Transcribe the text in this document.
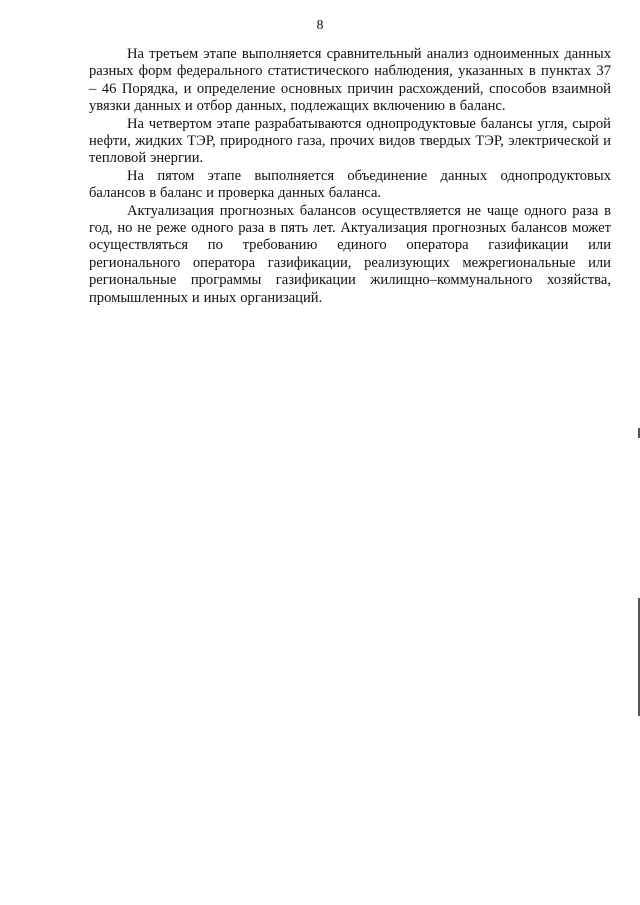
8

На третьем этапе выполняется сравнительный анализ одноименных данных разных форм федерального статистического наблюдения, указанных в пунктах 37 – 46 Порядка, и определение основных причин расхождений, способов взаимной увязки данных и отбор данных, подлежащих включению в баланс.

На четвертом этапе разрабатываются однопродуктовые балансы угля, сырой нефти, жидких ТЭР, природного газа, прочих видов твердых ТЭР, электрической и тепловой энергии.

На пятом этапе выполняется объединение данных однопродуктовых балансов в баланс и проверка данных баланса.

Актуализация прогнозных балансов осуществляется не чаще одного раза в год, но не реже одного раза в пять лет. Актуализация прогнозных балансов может осуществляться по требованию единого оператора газификации или регионального оператора газификации, реализующих межрегиональные или региональные программы газификации жилищно–коммунального хозяйства, промышленных и иных организаций.
